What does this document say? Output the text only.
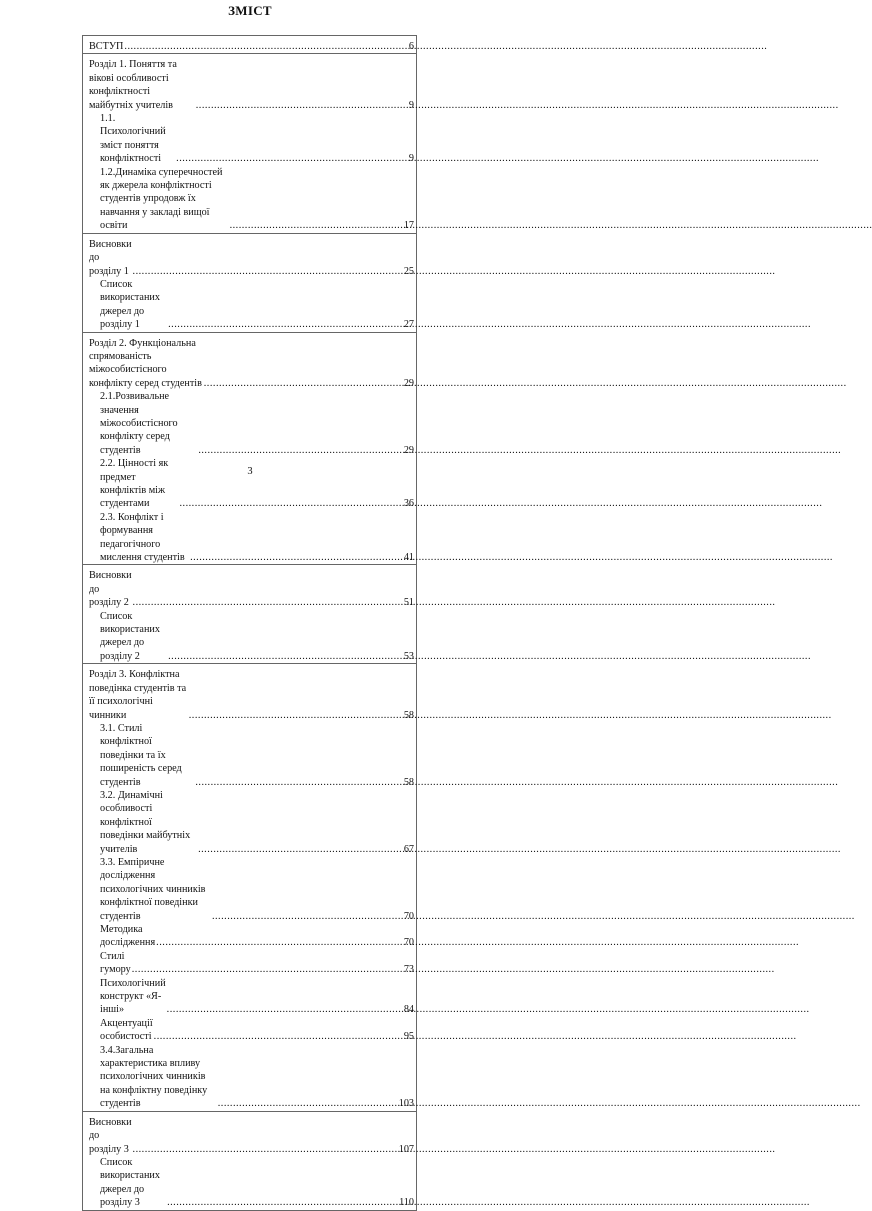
ЗМІСТ
ВСТУП .....	6
Розділ 1. Поняття та вікові особливості конфліктності майбутніх учителів .....	9
1.1. Психологічний зміст поняття конфліктності .....	9
1.2.Динаміка суперечностей як джерела конфліктності студентів упродовж їх навчання у закладі вищої освіти .....	17
Висновки до розділу 1 .....	25
Список використаних джерел до розділу 1 .....	27
Розділ 2. Функціональна спрямованість міжособистісного конфлікту серед студентів .....	29
2.1.Розвивальне значення міжособистісного конфлікту серед студентів .....	29
2.2. Цінності як предмет конфліктів між студентами .....	36
2.3. Конфлікт і формування педагогічного мислення студентів .....	41
Висновки до розділу 2 .....	51
Список використаних джерел до розділу 2 .....	53
Розділ 3. Конфліктна поведінка студентів та її психологічні чинники .....	58
3.1. Стилі конфліктної поведінки та їх поширеність серед студентів .....	58
3.2. Динамічні особливості конфліктної поведінки майбутніх учителів .....	67
3.3. Емпіричне дослідження психологічних чинників конфліктної поведінки студентів .....	70
Методика дослідження .....	70
Стилі гумору .....	73
Психологічний конструкт «Я-інші» .....	84
Акцентуації особистості .....	95
3.4.Загальна характеристика впливу психологічних чинників на конфліктну поведінку студентів .....	103
Висновки до розділу 3 .....	107
Список використаних джерел до розділу 3 .....	110
3
